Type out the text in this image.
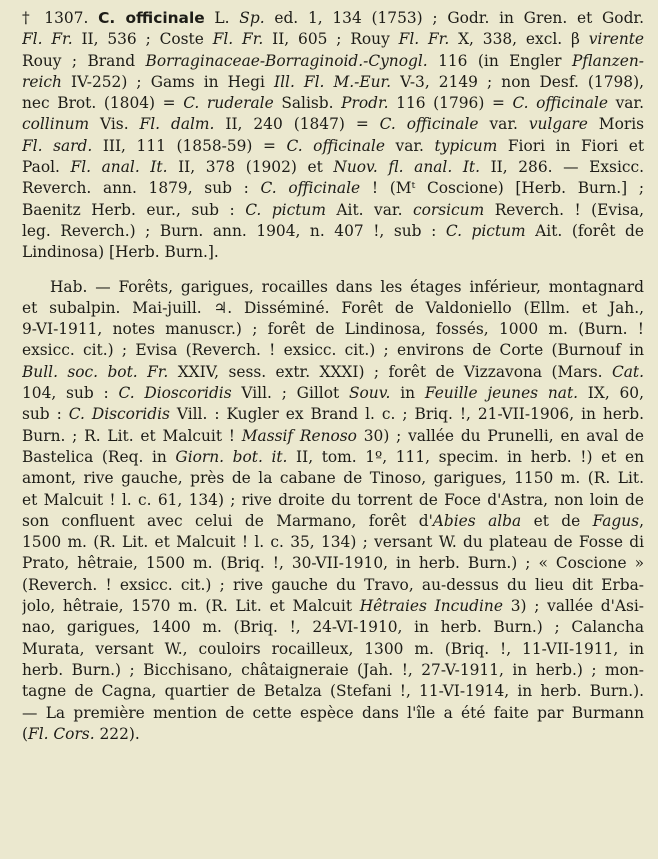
† 1307. C. officinale L. Sp. ed. 1, 134 (1753) ; Godr. in Gren. et Godr.
Fl. Fr. II, 536 ; Coste Fl. Fr. II, 605 ; Rouy Fl. Fr. X, 338, excl. β virente
Rouy ; Brand Borraginaceae-Borraginoid.-Cynogl. 116 (in Engler Pflanzen-
reich IV-252) ; Gams in Hegi Ill. Fl. M.-Eur. V-3, 2149 ; non Desf. (1798),
nec Brot. (1804) = C. ruderale Salisb. Prodr. 116 (1796) = C. officinale var.
collinum Vis. Fl. dalm. II, 240 (1847) = C. officinale var. vulgare Moris
Fl. sard. III, 111 (1858-59) = C. officinale var. typicum Fiori in Fiori et
Paol. Fl. anal. It. II, 378 (1902) et Nuov. fl. anal. It. II, 286. — Exsicc.
Reverch. ann. 1879, sub : C. officinale ! (Mᵗ Coscione) [Herb. Burn.] ;
Baenitz Herb. eur., sub : C. pictum Ait. var. corsicum Reverch. ! (Evisa,
leg. Reverch.) ; Burn. ann. 1904, n. 407 !, sub : C. pictum Ait. (forêt de
Lindinosa) [Herb. Burn.].
Hab. — Forêts, garigues, rocailles dans les étages inférieur, montagnard
et subalpin. Mai-juill. ♃. Disséminé. Forêt de Valdoniello (Ellm. et Jah.,
9-VI-1911, notes manuscr.) ; forêt de Lindinosa, fossés, 1000 m. (Burn. !
exsicc. cit.) ; Evisa (Reverch. ! exsicc. cit.) ; environs de Corte (Burnouf in
Bull. soc. bot. Fr. XXIV, sess. extr. XXXI) ; forêt de Vizzavona (Mars. Cat.
104, sub : C. Dioscoridis Vill. ; Gillot Souv. in Feuille jeunes nat. IX, 60,
sub : C. Discoridis Vill. : Kugler ex Brand l. c. ; Briq. !, 21-VII-1906, in herb.
Burn. ; R. Lit. et Malcuit ! Massif Renoso 30) ; vallée du Prunelli, en aval de
Bastelica (Req. in Giorn. bot. it. II, tom. 1º, 111, specim. in herb. !) et en
amont, rive gauche, près de la cabane de Tinoso, garigues, 1150 m. (R. Lit.
et Malcuit ! l. c. 61, 134) ; rive droite du torrent de Foce d'Astra, non loin de
son confluent avec celui de Marmano, forêt d'Abies alba et de Fagus,
1500 m. (R. Lit. et Malcuit ! l. c. 35, 134) ; versant W. du plateau de Fosse di
Prato, hêtraie, 1500 m. (Briq. !, 30-VII-1910, in herb. Burn.) ; « Coscione »
(Reverch. ! exsicc. cit.) ; rive gauche du Travo, au-dessus du lieu dit Erba-
jolo, hêtraie, 1570 m. (R. Lit. et Malcuit Hêtraies Incudine 3) ; vallée d'Asi-
nao, garigues, 1400 m. (Briq. !, 24-VI-1910, in herb. Burn.) ; Calancha
Murata, versant W., couloirs rocailleux, 1300 m. (Briq. !, 11-VII-1911, in
herb. Burn.) ; Bicchisano, châtaigneraie (Jah. !, 27-V-1911, in herb.) ; mon-
tagne de Cagna, quartier de Betalza (Stefani !, 11-VI-1914, in herb. Burn.).
— La première mention de cette espèce dans l'île a été faite par Burmann
(Fl. Cors. 222).
